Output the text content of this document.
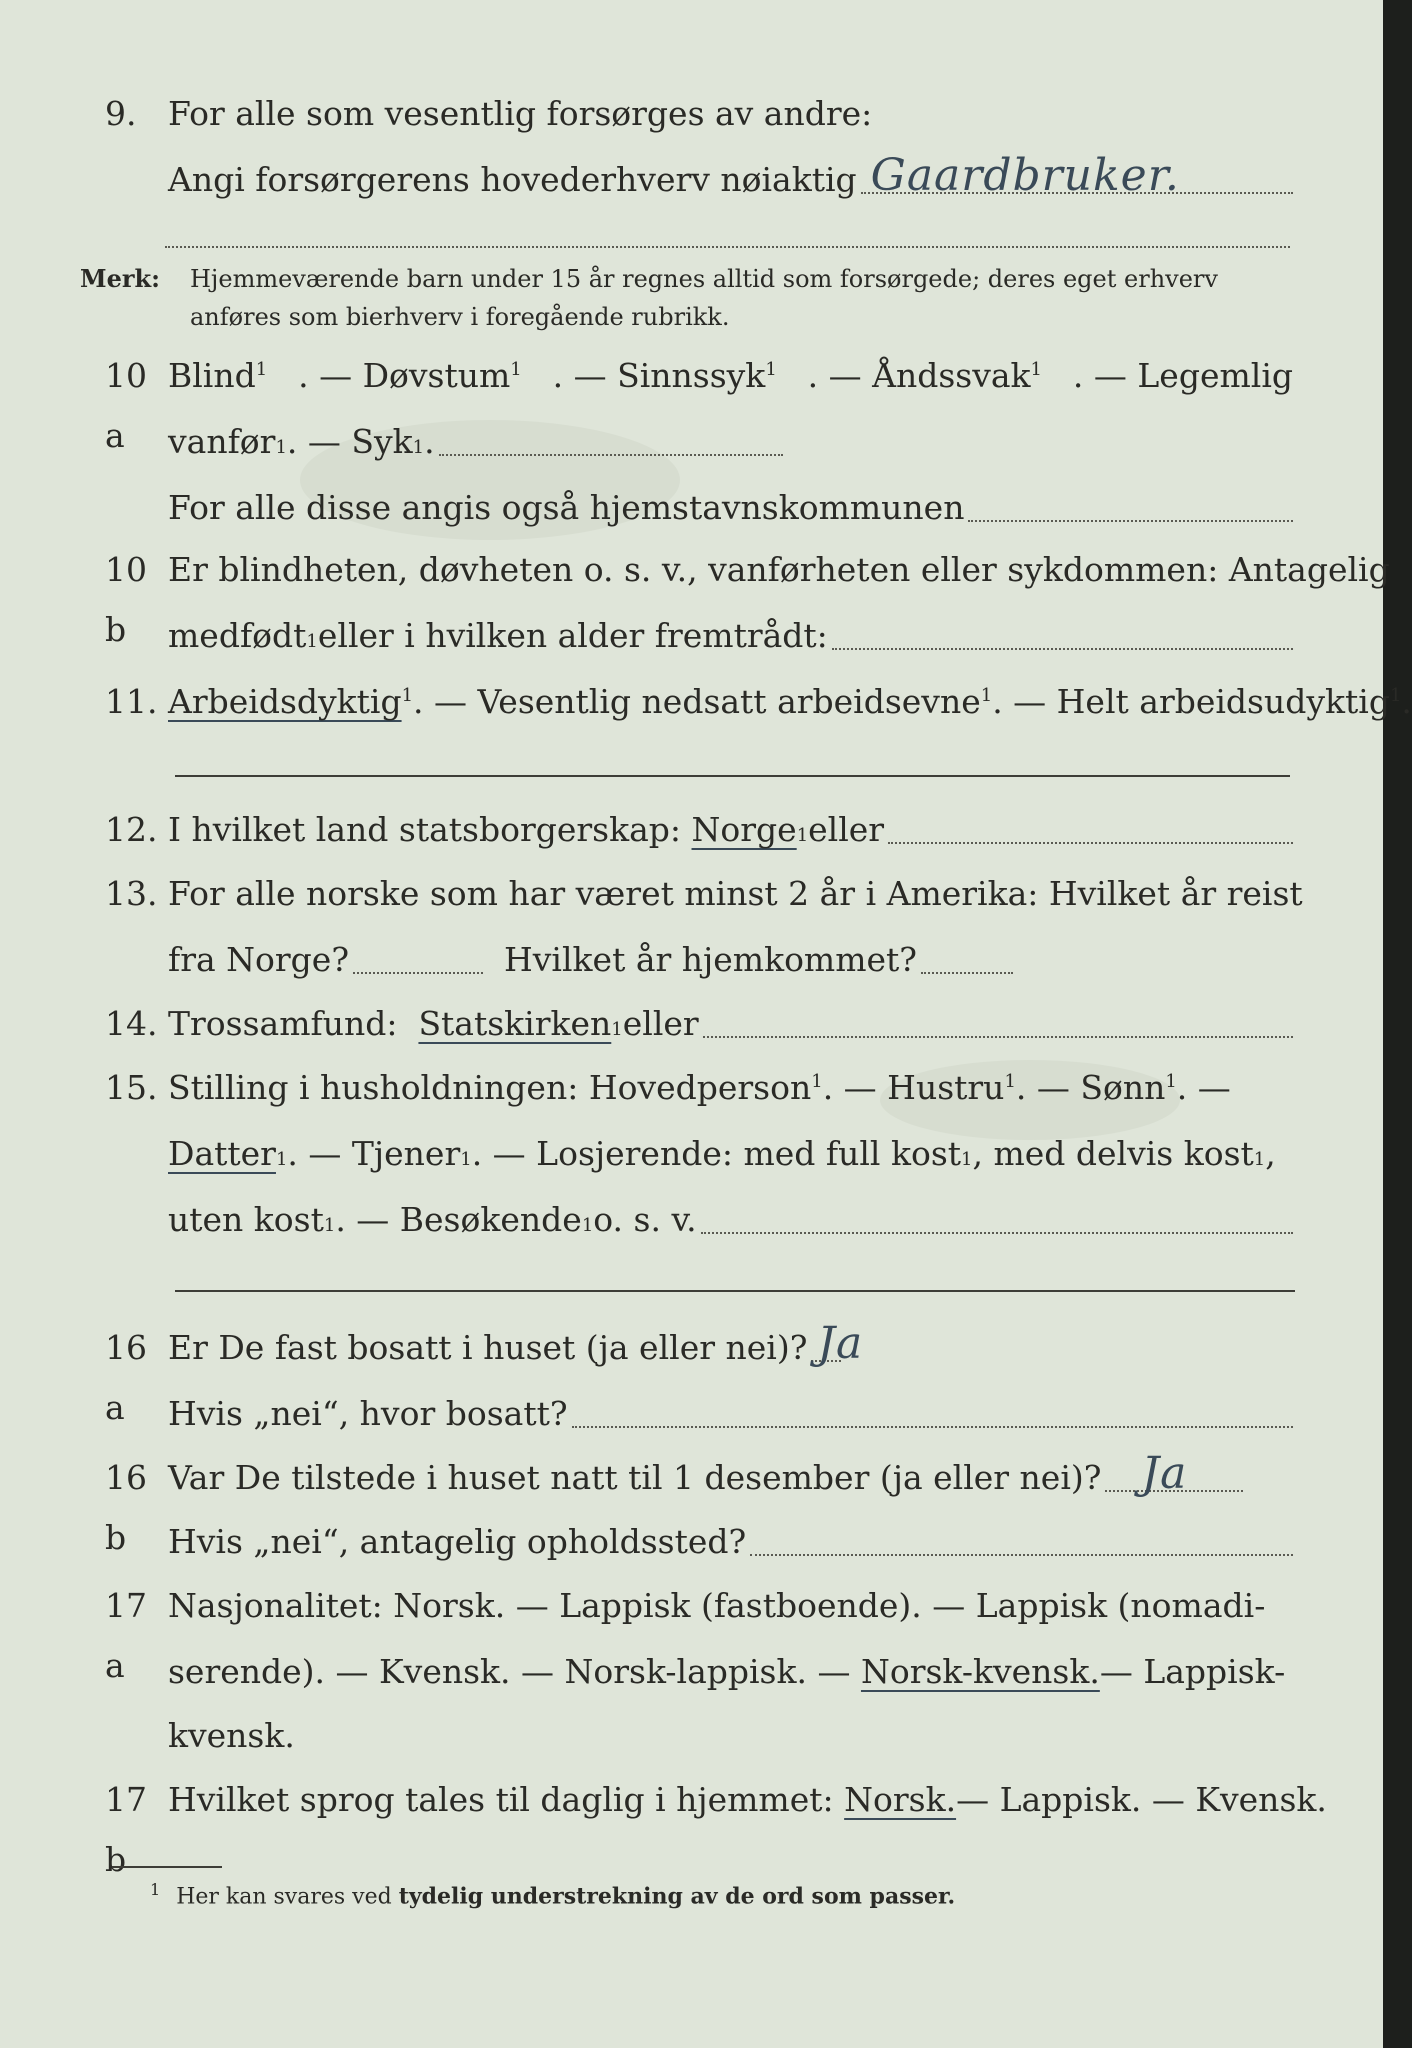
9. For alle som vesentlig forsørges av andre:
Angi forsørgerens hovederhverv nøiaktig Gaardbruker.
Merk: Hjemmeværende barn under 15 år regnes alltid som forsørgede; deres eget erhverv
anføres som bierhverv i foregående rubrikk.
10 a
Blind$^1$ . — Døvstum$^1$ . — Sinnssyk$^1$ . — Åndssvak$^1$ . — Legemlig
vanfør 1 . — Syk 1 .
For alle disse angis også hjemstavnskommunen
10 b
Er blindheten, døvheten o. s. v., vanførheten eller sykdommen: Antagelig
medfødt 1 eller i hvilken alder fremtrådt:
11. Arbeidsdyktig$^1$. — Vesentlig nedsatt arbeidsevne$^1$. — Helt arbeidsudyktig$^1$.
12. I hvilket land statsborgerskap:
Norge 1 eller
13. For alle norske som har været minst 2 år i Amerika: Hvilket år reist
fra Norge?
	Hvilket år hjemkommet?
14. Trossamfund:
Statskirken 1 eller
15. Stilling i husholdningen: Hovedperson$^1$. — Hustru$^1$. — Sønn$^1$. —
Datter 1 . — Tjener 1 . — Losjerende: med full kost 1 , med delvis kost 1 ,
uten kost 1 . — Besøkende 1 o. s. v.
16 a
Er De fast bosatt i huset (ja eller nei)? Ja
Hvis „nei“, hvor bosatt?
16 b
Var De tilstede i huset natt til 1 desember (ja eller nei)? Ja
Hvis „nei“, antagelig opholdssted?
17 a
Nasjonalitet: Norsk. — Lappisk (fastboende). — Lappisk (nomadi-
serende). — Kvensk. — Norsk-lappisk. —
Norsk-kvensk. — Lappisk-
kvensk.
17 b
Hvilket sprog tales til daglig i hjemmet:
Norsk. — Lappisk. — Kvensk.
$^1$ Her kan svares ved tydelig understrekning av de ord som passer.
